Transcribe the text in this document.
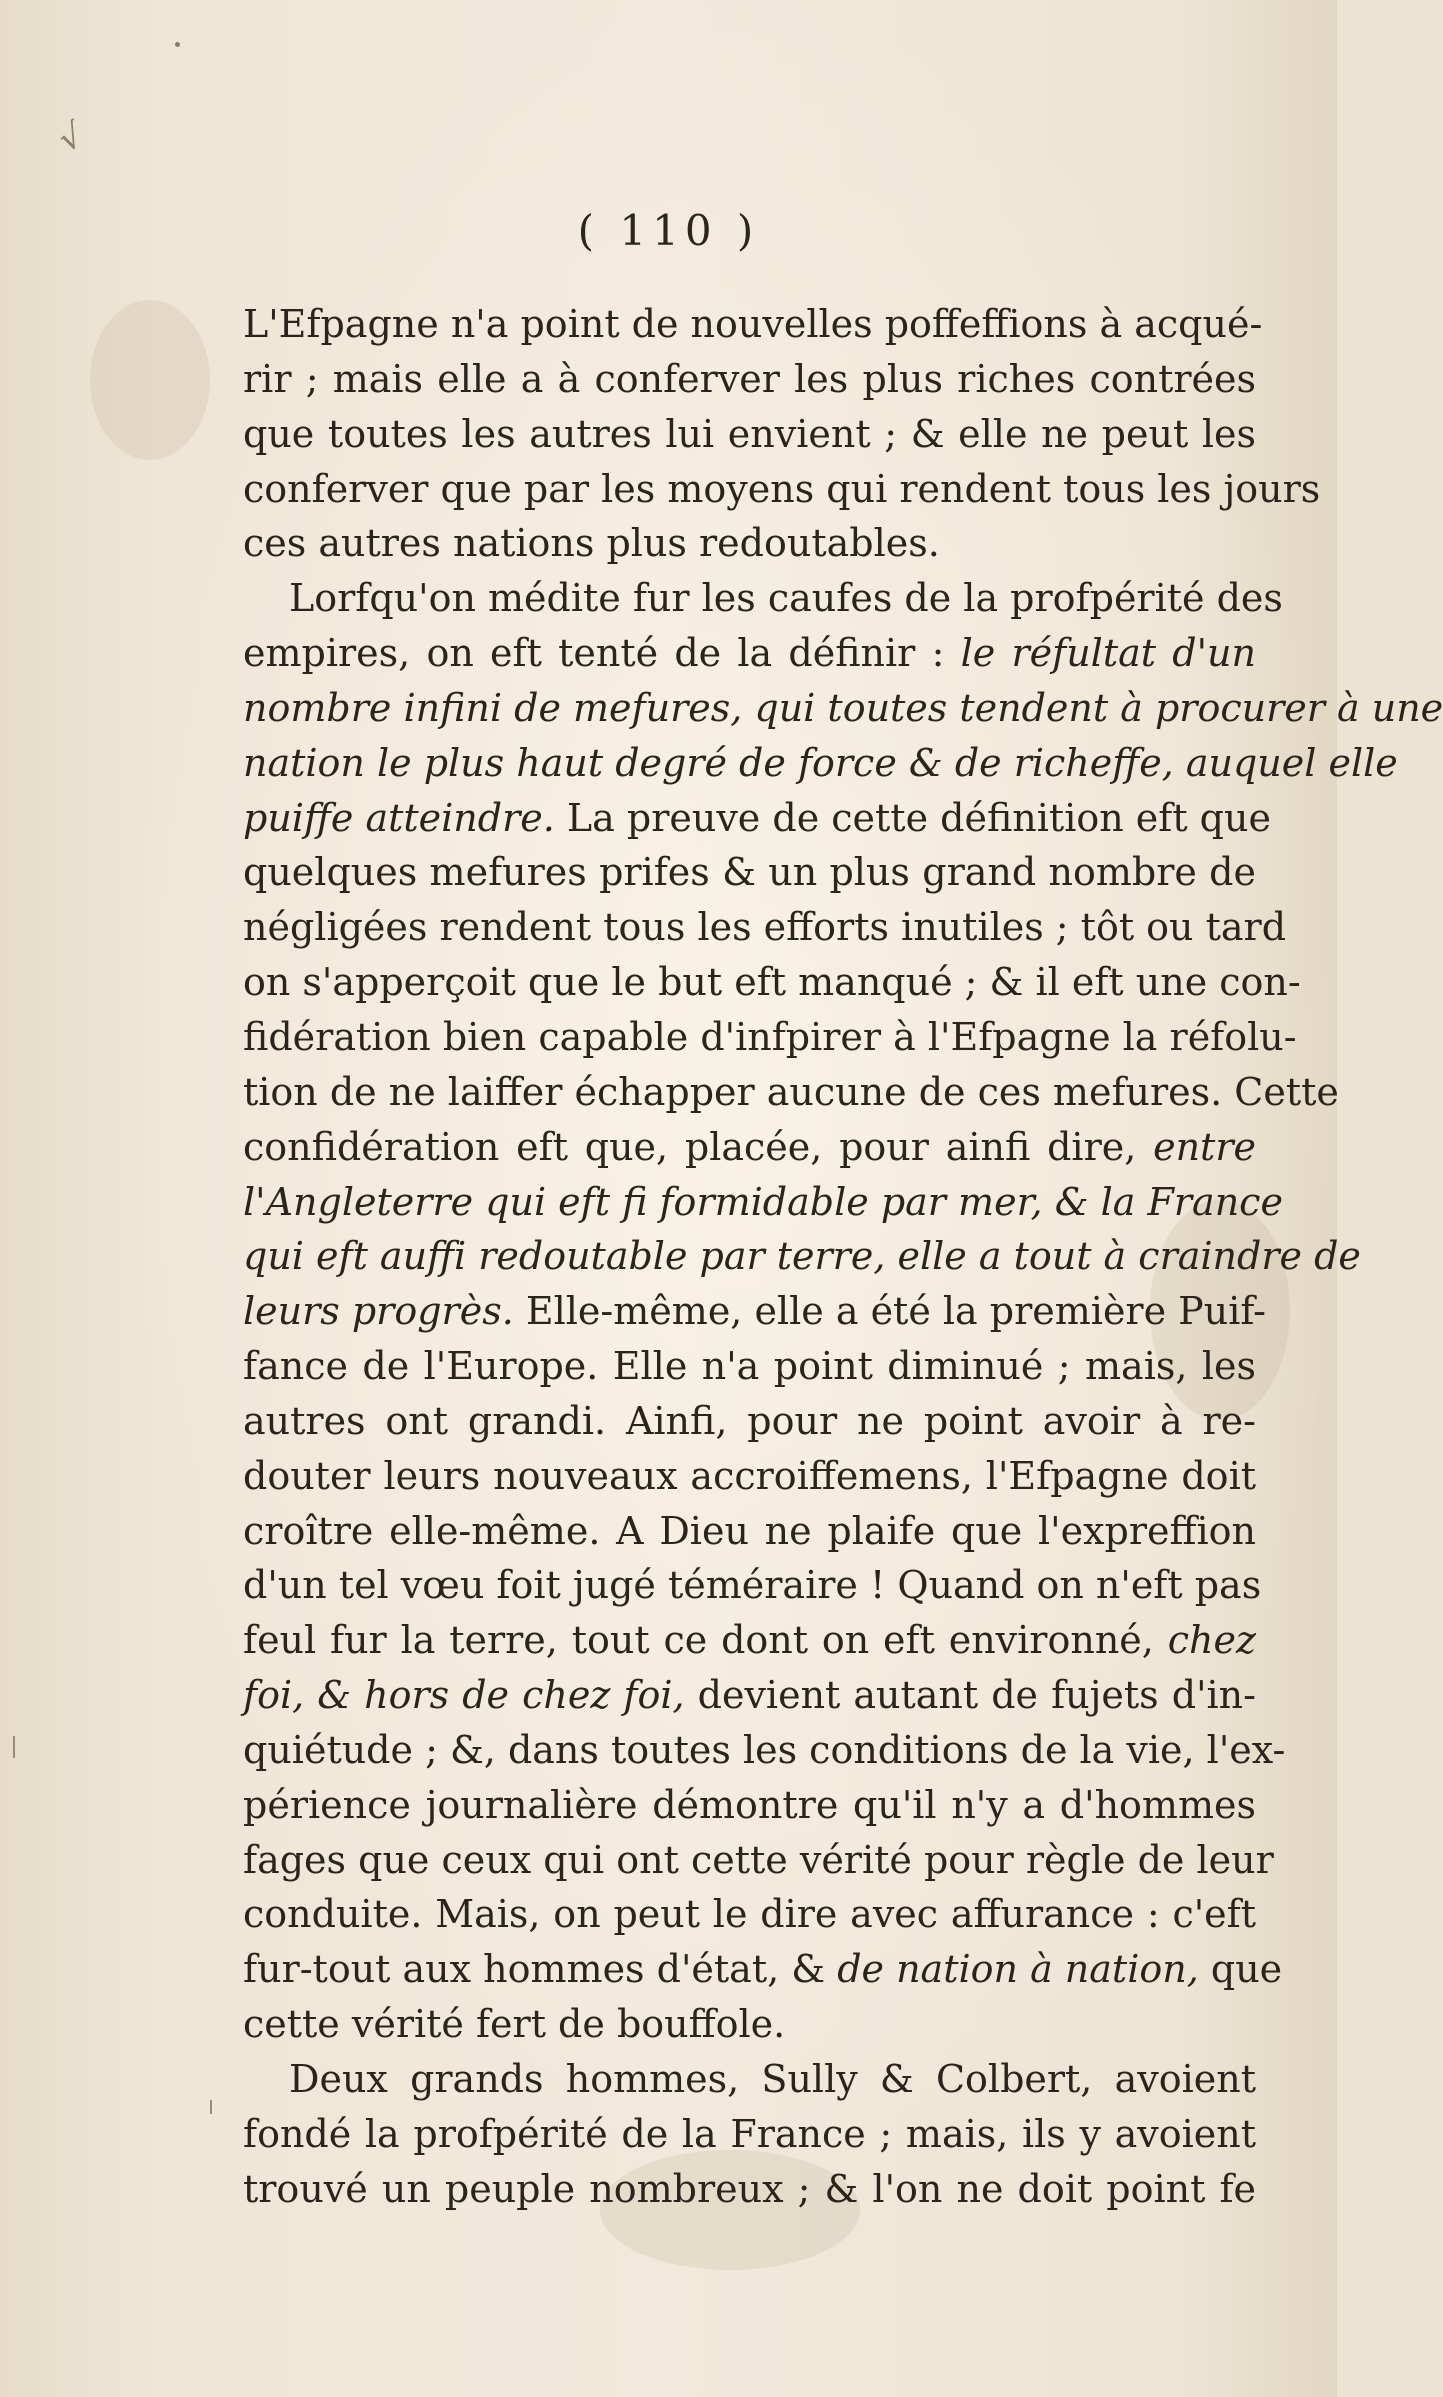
√
( 110 )
L'Efpagne n'a point de nouvelles poffeffions à acqué-
rir ; mais elle a à conferver les plus riches contrées
que toutes les autres lui envient ; & elle ne peut les
conferver que par les moyens qui rendent tous les jours
ces autres nations plus redoutables.
Lorfqu'on médite fur les caufes de la profpérité des
empires, on eft tenté de la définir : le réfultat d'un
nombre infini de mefures, qui toutes tendent à procurer à une
nation le plus haut degré de force & de richeffe, auquel elle
puiffe atteindre. La preuve de cette définition eft que
quelques mefures prifes & un plus grand nombre de
négligées rendent tous les efforts inutiles ; tôt ou tard
on s'apperçoit que le but eft manqué ; & il eft une con-
fidération bien capable d'infpirer à l'Efpagne la réfolu-
tion de ne laiffer échapper aucune de ces mefures. Cette
confidération eft que, placée, pour ainfi dire, entre
l'Angleterre qui eft fi formidable par mer, & la France
qui eft auffi redoutable par terre, elle a tout à craindre de
leurs progrès. Elle-même, elle a été la première Puif-
fance de l'Europe. Elle n'a point diminué ; mais, les
autres ont grandi. Ainfi, pour ne point avoir à re-
douter leurs nouveaux accroiffemens, l'Efpagne doit
croître elle-même. A Dieu ne plaife que l'expreffion
d'un tel vœu foit jugé téméraire ! Quand on n'eft pas
feul fur la terre, tout ce dont on eft environné, chez
foi, & hors de chez foi, devient autant de fujets d'in-
quiétude ; &, dans toutes les conditions de la vie, l'ex-
périence journalière démontre qu'il n'y a d'hommes
fages que ceux qui ont cette vérité pour règle de leur
conduite. Mais, on peut le dire avec affurance : c'eft
fur-tout aux hommes d'état, & de nation à nation, que
cette vérité fert de bouffole.
Deux grands hommes, Sully & Colbert, avoient
fondé la profpérité de la France ; mais, ils y avoient
trouvé un peuple nombreux ; & l'on ne doit point fe
